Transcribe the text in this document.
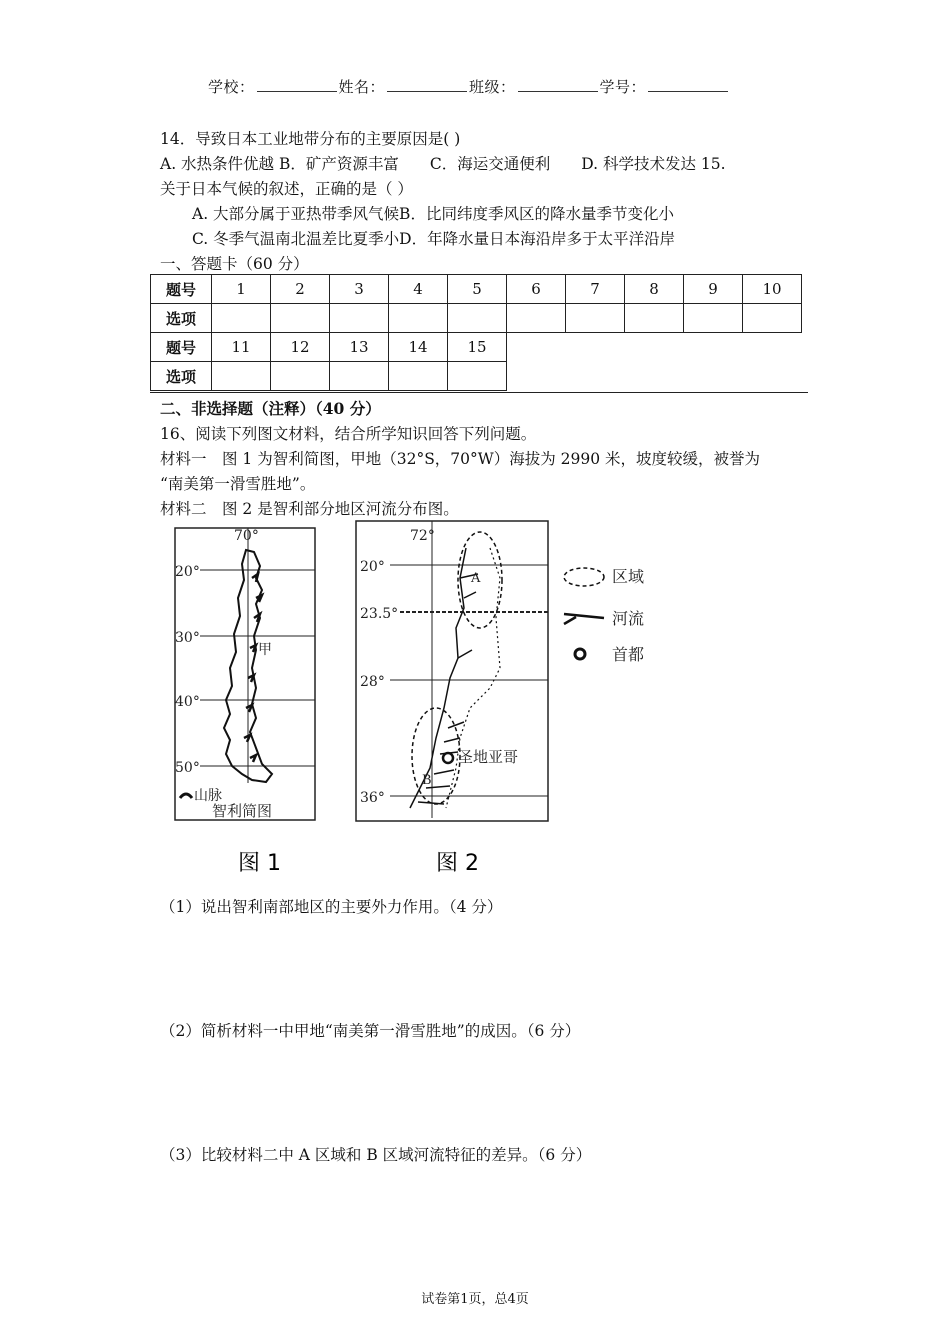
学校：	姓名：	班级：	学号：
14．导致日本工业地带分布的主要原因是( )
A. 水热条件优越 B．矿产资源丰富　　C．海运交通便利　　D. 科学技术发达 15.
关于日本气候的叙述，正确的是（ ）
A. 大部分属于亚热带季风气候B．比同纬度季风区的降水量季节变化小
C. 冬季气温南北温差比夏季小D．年降水量日本海沿岸多于太平洋沿岸
一、答题卡（60 分）
题号	1	2	3	4	5	6	7	8	9	10
选项										
题号	11	12	13	14	15					
选项										
二、非选择题（注释）（40 分）
16、阅读下列图文材料，结合所学知识回答下列问题。
材料一　图 1 为智利简图，甲地（32°S，70°W）海拔为 2990 米，坡度较缓，被誉为
“南美第一滑雪胜地”。
材料二　图 2 是智利部分地区河流分布图。
70°
20°
30°
40°
50°
甲
山脉
智利简图
72°
20°
23.5°
28°
36°
A
B
圣地亚哥
区域
河流
首都
图 1	图 2
（1）说出智利南部地区的主要外力作用。（4 分）
（2）简析材料一中甲地“南美第一滑雪胜地”的成因。（6 分）
（3）比较材料二中 A 区域和 B 区域河流特征的差异。（6 分）
试卷第1页，总4页
